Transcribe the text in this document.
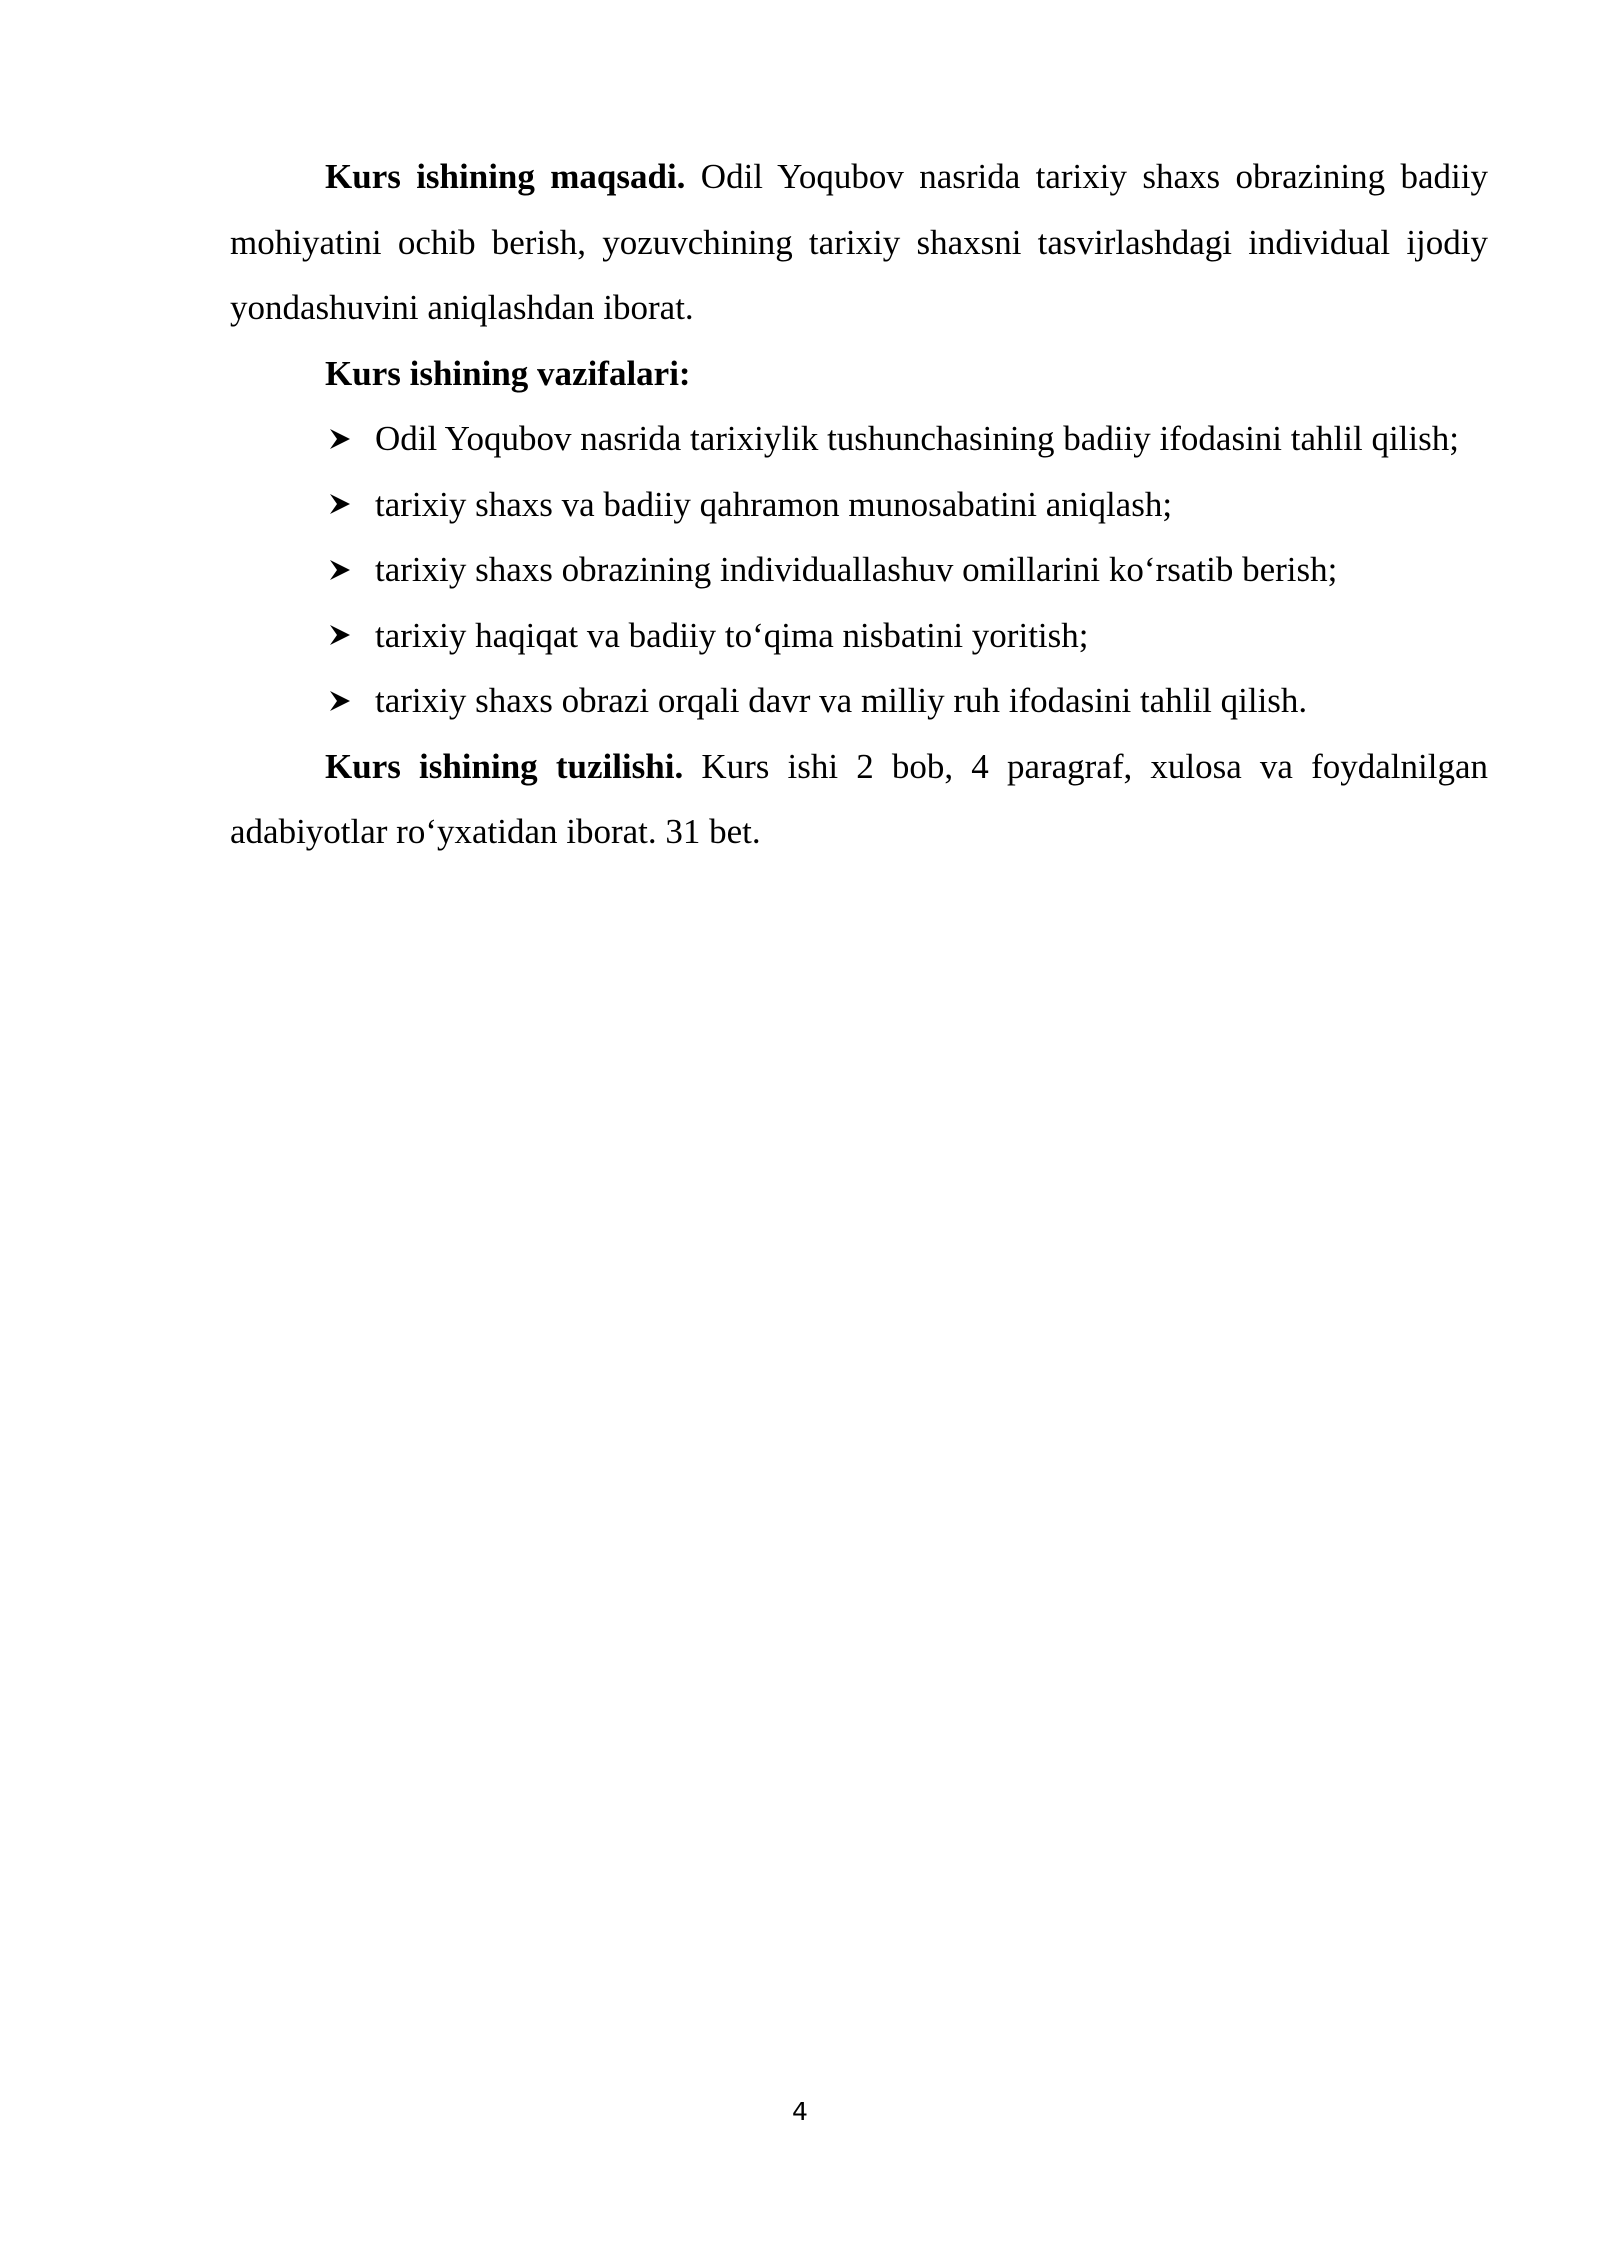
Kurs ishining maqsadi. Odil Yoqubov nasrida tarixiy shaxs obrazining badiiy mohiyatini ochib berish, yozuvchining tarixiy shaxsni tasvirlashdagi individual ijodiy yondashuvini aniqlashdan iborat.

Kurs ishining vazifalari:

Odil Yoqubov nasrida tarixiylik tushunchasining badiiy ifodasini tahlil qilish;
tarixiy shaxs va badiiy qahramon munosabatini aniqlash;
tarixiy shaxs obrazining individuallashuv omillarini ko‘rsatib berish;
tarixiy haqiqat va badiiy to‘qima nisbatini yoritish;
tarixiy shaxs obrazi orqali davr va milliy ruh ifodasini tahlil qilish.

Kurs ishining tuzilishi. Kurs ishi 2 bob, 4 paragraf, xulosa va foydalnilgan adabiyotlar ro‘yxatidan iborat. 31 bet.

4
